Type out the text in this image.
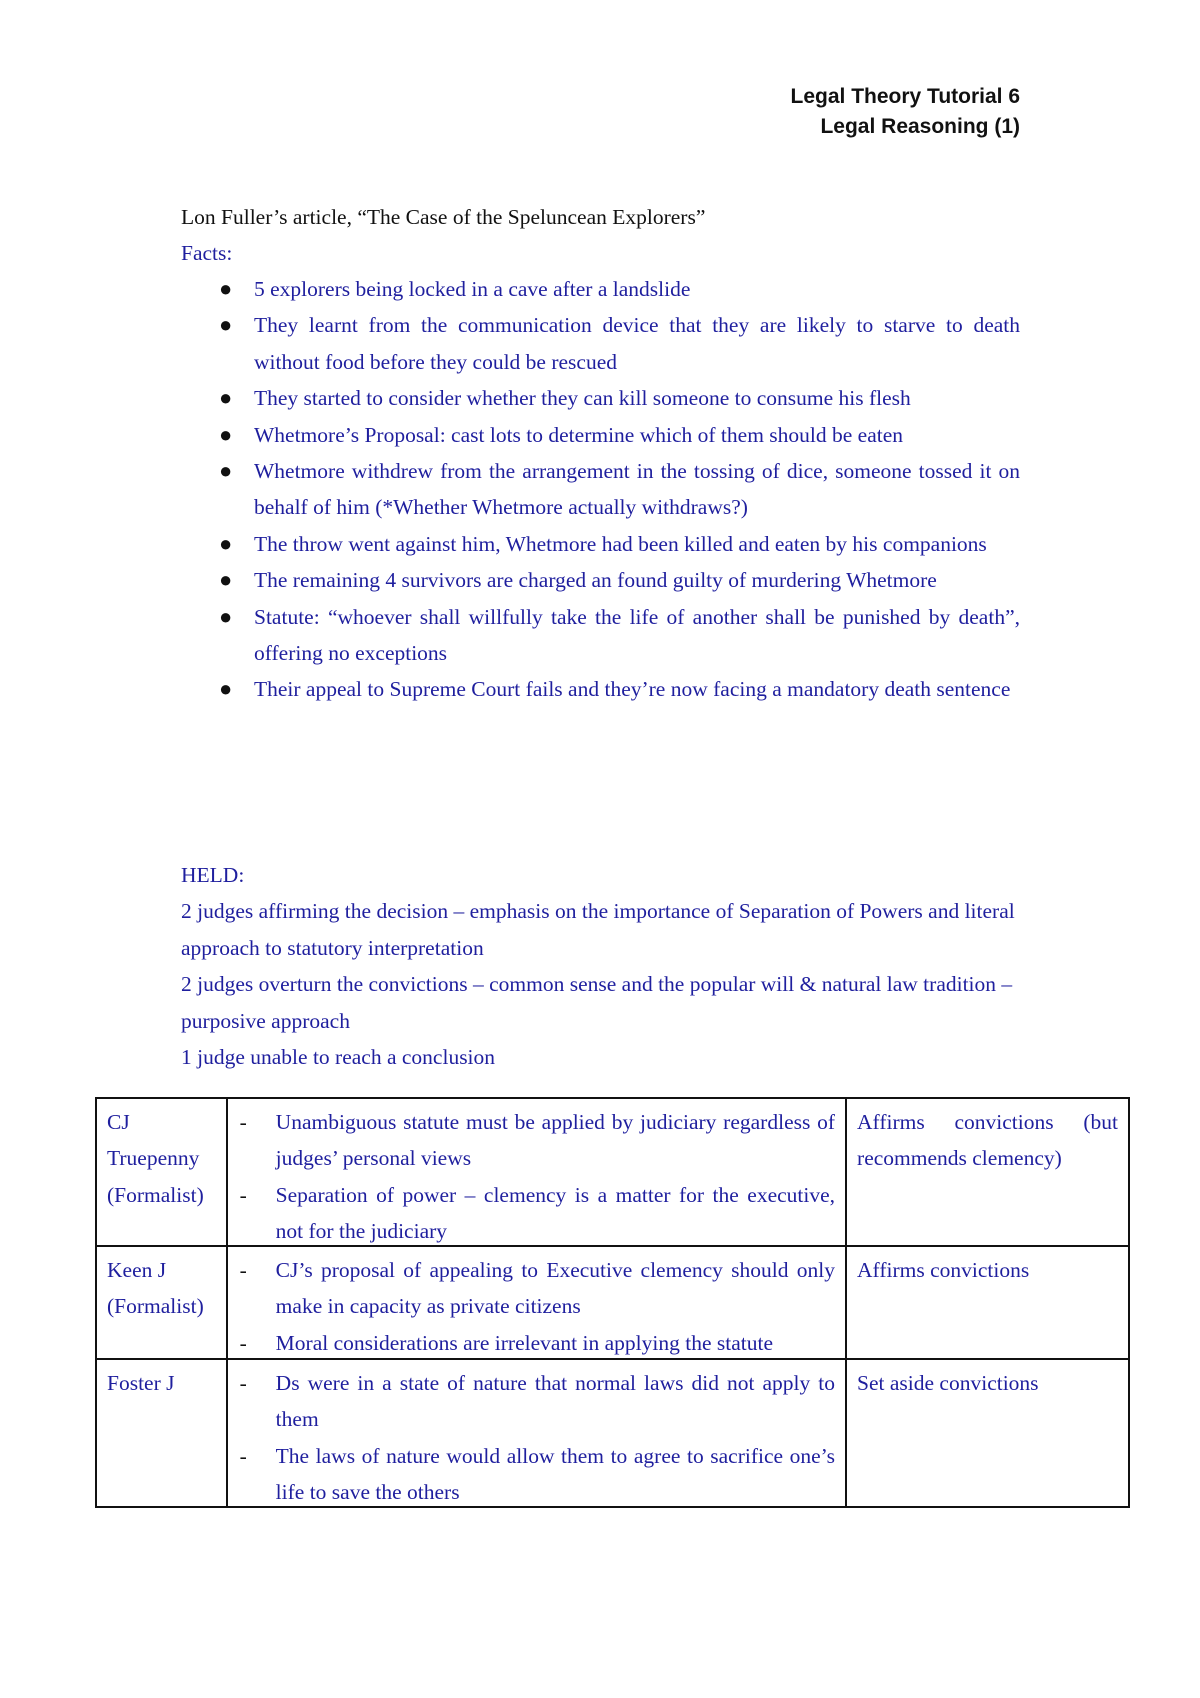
Legal Theory Tutorial 6
Legal Reasoning (1)
Lon Fuller’s article, “The Case of the Speluncean Explorers”
Facts:
● 5 explorers being locked in a cave after a landslide
● They learnt from the communication device that they are likely to starve to death without food before they could be rescued
● They started to consider whether they can kill someone to consume his flesh
● Whetmore’s Proposal: cast lots to determine which of them should be eaten
● Whetmore withdrew from the arrangement in the tossing of dice, someone tossed it on behalf of him (*Whether Whetmore actually withdraws?)
● The throw went against him, Whetmore had been killed and eaten by his companions
● The remaining 4 survivors are charged an found guilty of murdering Whetmore
● Statute: “whoever shall willfully take the life of another shall be punished by death”, offering no exceptions
● Their appeal to Supreme Court fails and they’re now facing a mandatory death sentence

HELD:

2 judges affirming the decision – emphasis on the importance of Separation of Powers and literal approach to statutory interpretation

2 judges overturn the convictions – common sense and the popular will & natural law tradition – purposive approach

1 judge unable to reach a conclusion

CJ Truepenny (Formalist)	- Unambiguous statute must be applied by judiciary regardless of judges’ personal views
- Separation of power – clemency is a matter for the executive, not for the judiciary	Affirms convictions (but recommends clemency)

Keen J (Formalist)	- CJ’s proposal of appealing to Executive clemency should only make in capacity as private citizens
- Moral considerations are irrelevant in applying the statute	Affirms convictions

Foster J	- Ds were in a state of nature that normal laws did not apply to them
- The laws of nature would allow them to agree to sacrifice one’s life to save the others	Set aside convictions
